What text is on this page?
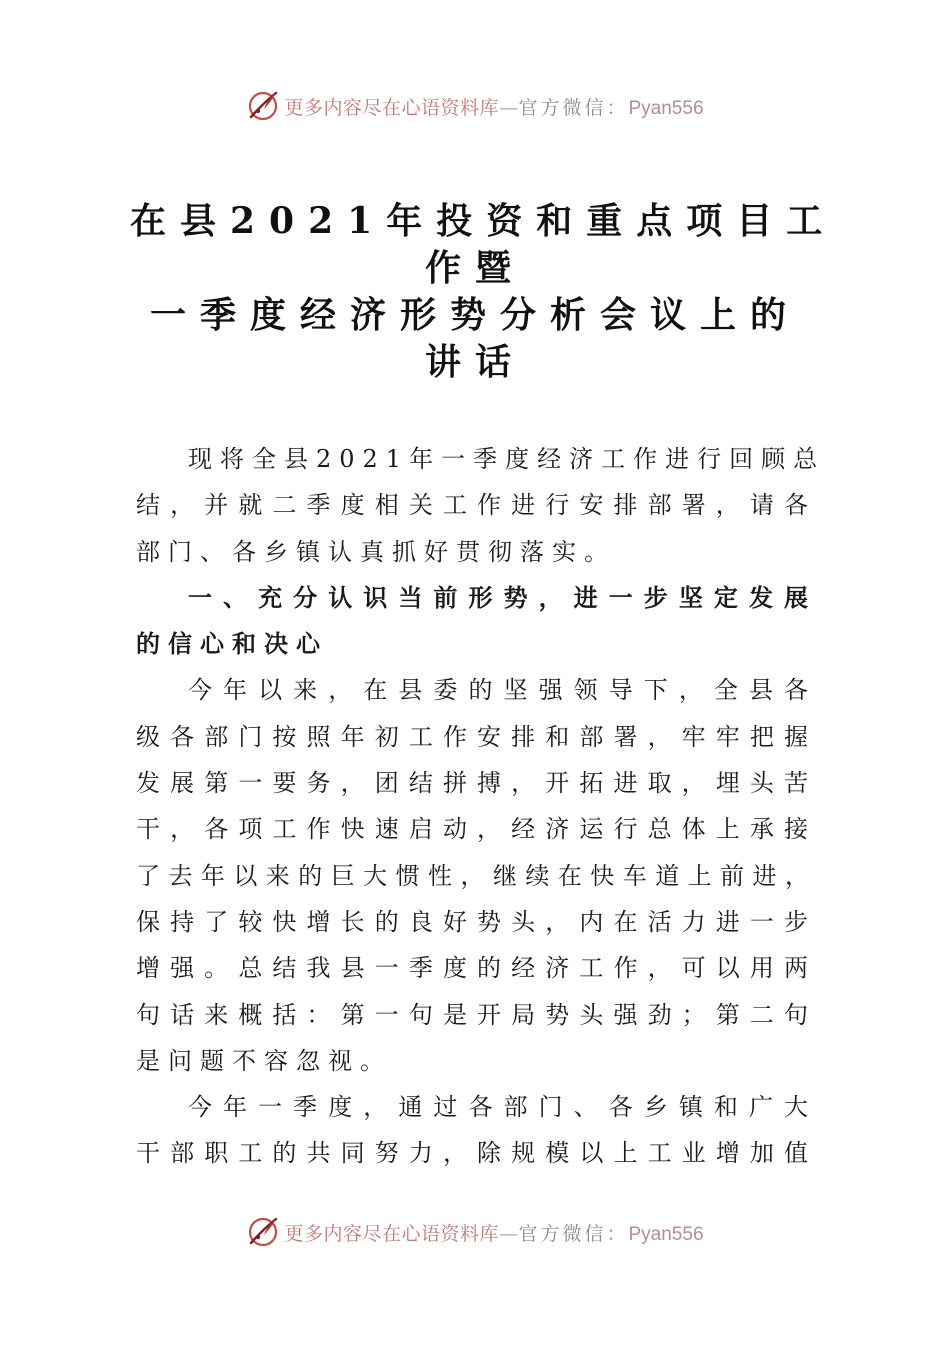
更多内容尽在心语资料库—官方微信：Pyan556
在县2021年投资和重点项目工
作暨
一季度经济形势分析会议上的
讲话
现将全县2021年一季度经济工作进行回顾总
结，并就二季度相关工作进行安排部署，请各
部门、各乡镇认真抓好贯彻落实。
一、充分认识当前形势，进一步坚定发展
的信心和决心
今年以来，在县委的坚强领导下，全县各
级各部门按照年初工作安排和部署，牢牢把握
发展第一要务，团结拼搏，开拓进取，埋头苦
干，各项工作快速启动，经济运行总体上承接
了去年以来的巨大惯性，继续在快车道上前进，
保持了较快增长的良好势头，内在活力进一步
增强。总结我县一季度的经济工作，可以用两
句话来概括：第一句是开局势头强劲；第二句
是问题不容忽视。
今年一季度，通过各部门、各乡镇和广大
干部职工的共同努力，除规模以上工业增加值
更多内容尽在心语资料库—官方微信：Pyan556
